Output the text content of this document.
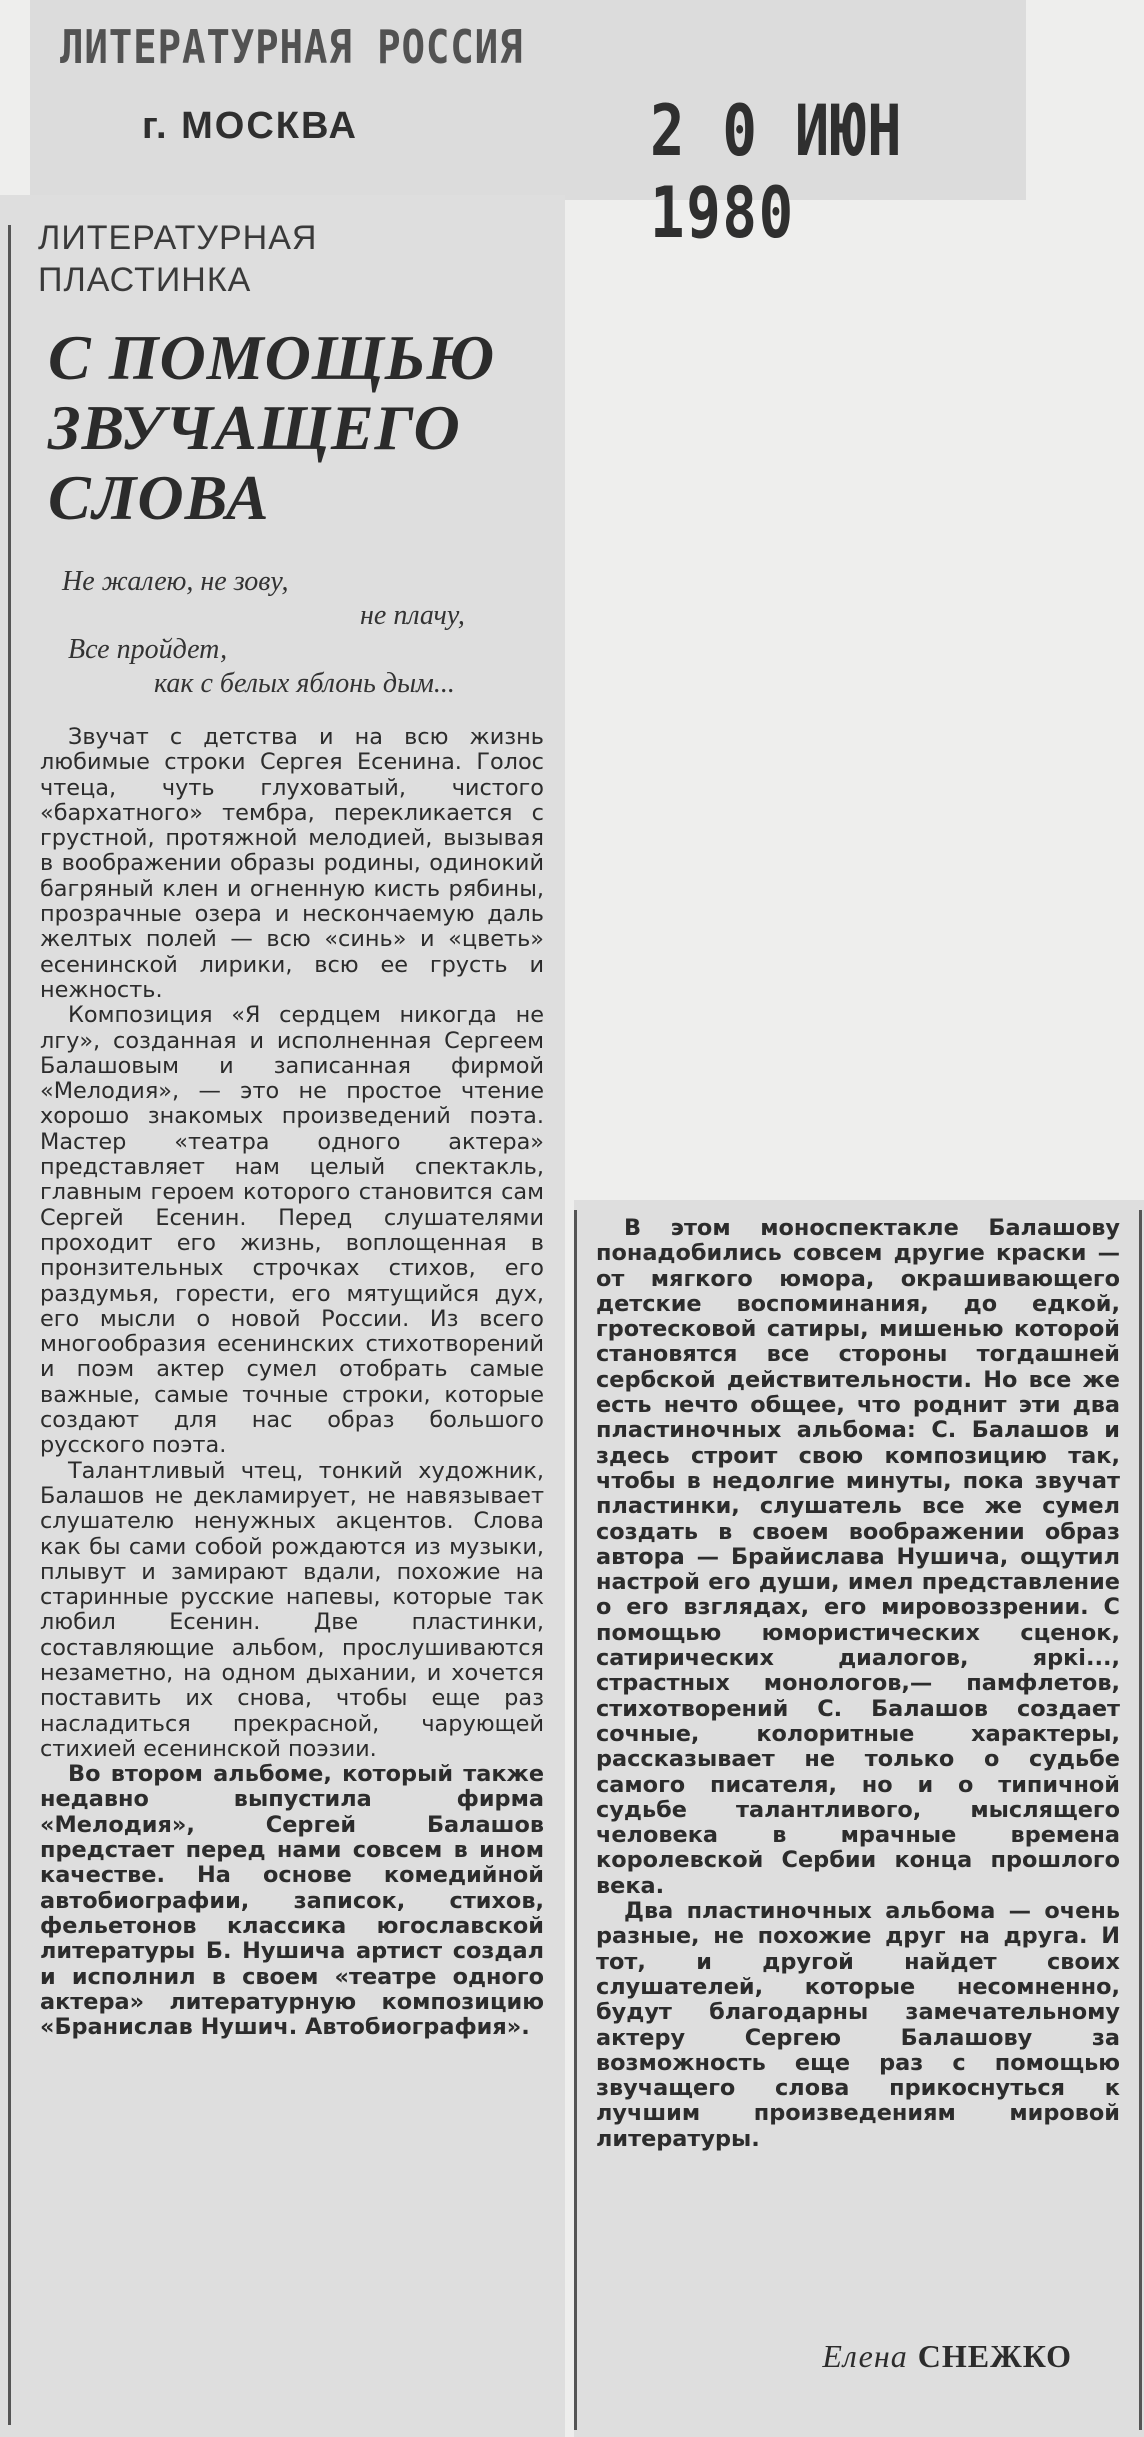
ЛИТЕРАТУРНАЯ РОССИЯ
г. МОСКВА	2 0 ИЮН 1980
ЛИТЕРАТУРНАЯ
ПЛАСТИНКА
С ПОМОЩЬЮ
ЗВУЧАЩЕГО
СЛОВА
Не жалею, не зову,
не плачу,
Все пройдет,
как с белых яблонь дым...

Звучат с детства и на всю жизнь любимые строки Сергея Есенина. Голос чтеца, чуть глуховатый, чистого «бархатного» тембра, перекликается с грустной, протяжной мелодией, вызывая в воображении образы родины, одинокий багряный клен и огненную кисть рябины, прозрачные озера и нескончаемую даль желтых полей — всю «синь» и «цветь» есенинской лирики, всю ее грусть и нежность.

Композиция «Я сердцем никогда не лгу», созданная и исполненная Сергеем Балашовым и записанная фирмой «Мелодия», — это не простое чтение хорошо знакомых произведений поэта. Мастер «театра одного актера» представляет нам целый спектакль, главным героем которого становится сам Сергей Есенин. Перед слушателями проходит его жизнь, воплощенная в пронзительных строчках стихов, его раздумья, горести, его мятущийся дух, его мысли о новой России. Из всего многообразия есенинских стихотворений и поэм актер сумел отобрать самые важные, самые точные строки, которые создают для нас образ большого русского поэта.

Талантливый чтец, тонкий художник, Балашов не декламирует, не навязывает слушателю ненужных акцентов. Слова как бы сами собой рождаются из музыки, плывут и замирают вдали, похожие на старинные русские напевы, которые так любил Есенин. Две пластинки, составляющие альбом, прослушиваются незаметно, на одном дыхании, и хочется поставить их снова, чтобы еще раз насладиться прекрасной, чарующей стихией есенинской поэзии.

Во втором альбоме, который также недавно выпустила фирма «Мелодия», Сергей Балашов предстает перед нами совсем в ином качестве. На основе комедийной автобиографии, записок, стихов, фельетонов классика югославской литературы Б. Нушича артист создал и исполнил в своем «театре одного актера» литературную композицию «Бранислав Нушич. Автобиография».

В этом моноспектакле Балашову понадобились совсем другие краски — от мягкого юмора, окрашивающего детские воспоминания, до едкой, гротесковой сатиры, мишенью которой становятся все стороны тогдашней сербской действительности. Но все же есть нечто общее, что роднит эти два пластиночных альбома: С. Балашов и здесь строит свою композицию так, чтобы в недолгие минуты, пока звучат пластинки, слушатель все же сумел создать в своем воображении образ автора — Брайислава Нушича, ощутил настрой его души, имел представление о его взглядах, его мировоззрении. С помощью юмористических сценок, сатирических диалогов, яркi..., страстных монологов,— памфлетов, стихотворений С. Балашов создает сочные, колоритные характеры, рассказывает не только о судьбе самого писателя, но и о типичной судьбе талантливого, мыслящего человека в мрачные времена королевской Сербии конца прошлого века.

Два пластиночных альбома — очень разные, не похожие друг на друга. И тот, и другой найдет своих слушателей, которые несомненно, будут благодарны замечательному актеру Сергею Балашову за возможность еще раз с помощью звучащего слова прикоснуться к лучшим произведениям мировой литературы.

Елена СНЕЖКО
